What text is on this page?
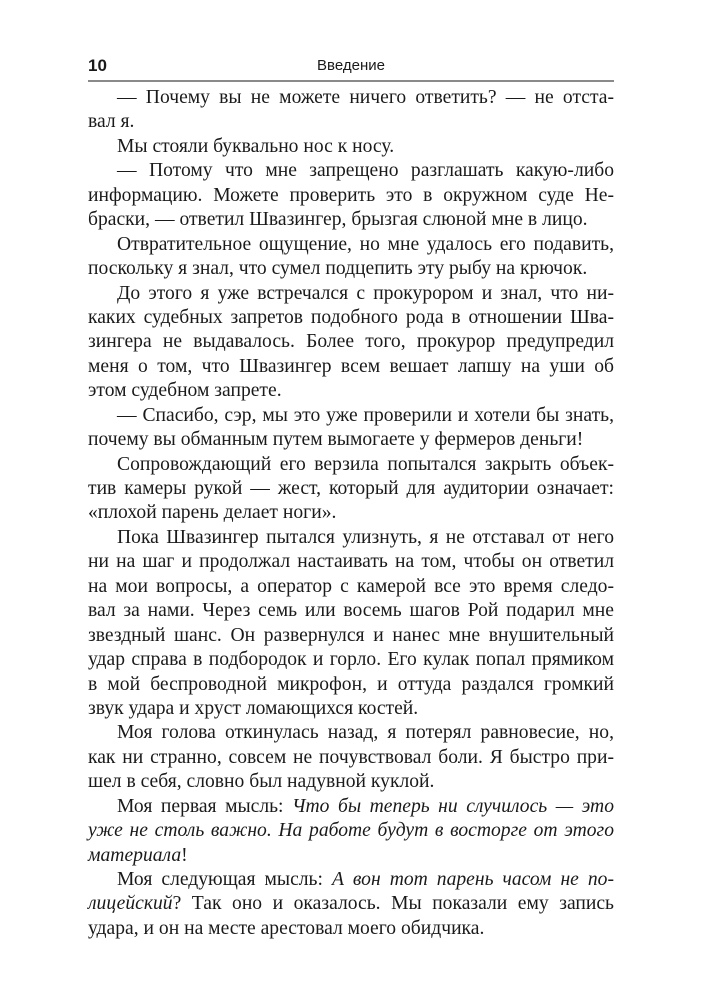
10	Введение
— Почему вы не можете ничего ответить? — не отста-
вал я.
Мы стояли буквально нос к носу.
— Потому что мне запрещено разглашать какую-либо
информацию. Можете проверить это в окружном суде Не-
браски, — ответил Швазингер, брызгая слюной мне в лицо.
Отвратительное ощущение, но мне удалось его подавить,
поскольку я знал, что сумел подцепить эту рыбу на крючок.
До этого я уже встречался с прокурором и знал, что ни-
каких судебных запретов подобного рода в отношении Шва-
зингера не выдавалось. Более того, прокурор предупредил
меня о том, что Швазингер всем вешает лапшу на уши об
этом судебном запрете.
— Спасибо, сэр, мы это уже проверили и хотели бы знать,
почему вы обманным путем вымогаете у фермеров деньги!
Сопровождающий его верзила попытался закрыть объек-
тив камеры рукой — жест, который для аудитории означает:
«плохой парень делает ноги».
Пока Швазингер пытался улизнуть, я не отставал от него
ни на шаг и продолжал настаивать на том, чтобы он ответил
на мои вопросы, а оператор с камерой все это время следо-
вал за нами. Через семь или восемь шагов Рой подарил мне
звездный шанс. Он развернулся и нанес мне внушительный
удар справа в подбородок и горло. Его кулак попал прямиком
в мой беспроводной микрофон, и оттуда раздался громкий
звук удара и хруст ломающихся костей.
Моя голова откинулась назад, я потерял равновесие, но,
как ни странно, совсем не почувствовал боли. Я быстро при-
шел в себя, словно был надувной куклой.
Моя первая мысль: Что бы теперь ни случилось — это
уже не столь важно. На работе будут в восторге от этого
материала!
Моя следующая мысль: А вон тот парень часом не по-
лицейский? Так оно и оказалось. Мы показали ему запись
удара, и он на месте арестовал моего обидчика.
